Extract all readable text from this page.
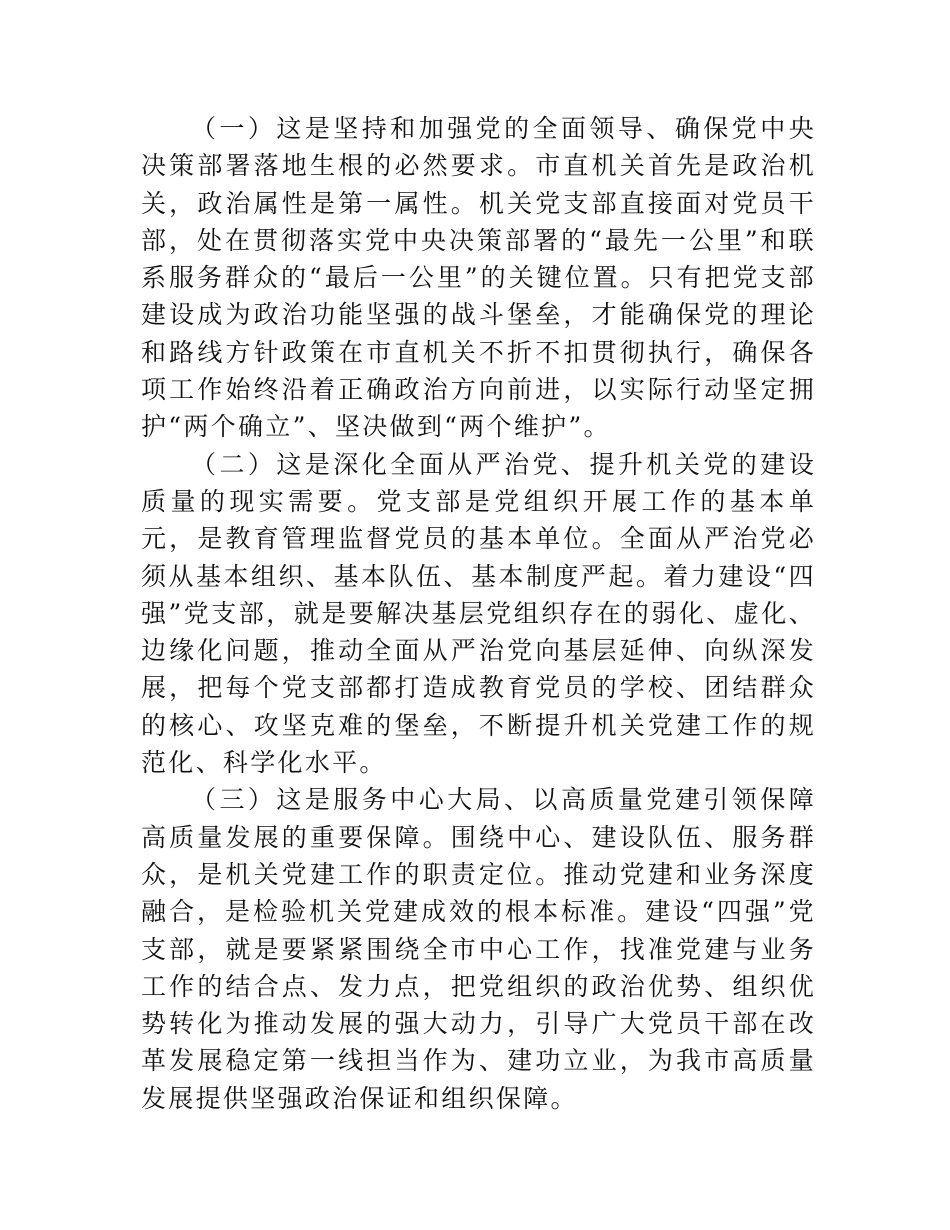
（一）这是坚持和加强党的全面领导、确保党中央决策部署落地生根的必然要求。市直机关首先是政治机关，政治属性是第一属性。机关党支部直接面对党员干部，处在贯彻落实党中央决策部署的“最先一公里”和联系服务群众的“最后一公里”的关键位置。只有把党支部建设成为政治功能坚强的战斗堡垒，才能确保党的理论和路线方针政策在市直机关不折不扣贯彻执行，确保各项工作始终沿着正确政治方向前进，以实际行动坚定拥护“两个确立”、坚决做到“两个维护”。

（二）这是深化全面从严治党、提升机关党的建设质量的现实需要。党支部是党组织开展工作的基本单元，是教育管理监督党员的基本单位。全面从严治党必须从基本组织、基本队伍、基本制度严起。着力建设“四强”党支部，就是要解决基层党组织存在的弱化、虚化、边缘化问题，推动全面从严治党向基层延伸、向纵深发展，把每个党支部都打造成教育党员的学校、团结群众的核心、攻坚克难的堡垒，不断提升机关党建工作的规范化、科学化水平。

（三）这是服务中心大局、以高质量党建引领保障高质量发展的重要保障。围绕中心、建设队伍、服务群众，是机关党建工作的职责定位。推动党建和业务深度融合，是检验机关党建成效的根本标准。建设“四强”党支部，就是要紧紧围绕全市中心工作，找准党建与业务工作的结合点、发力点，把党组织的政治优势、组织优势转化为推动发展的强大动力，引导广大党员干部在改革发展稳定第一线担当作为、建功立业，为我市高质量发展提供坚强政治保证和组织保障。
